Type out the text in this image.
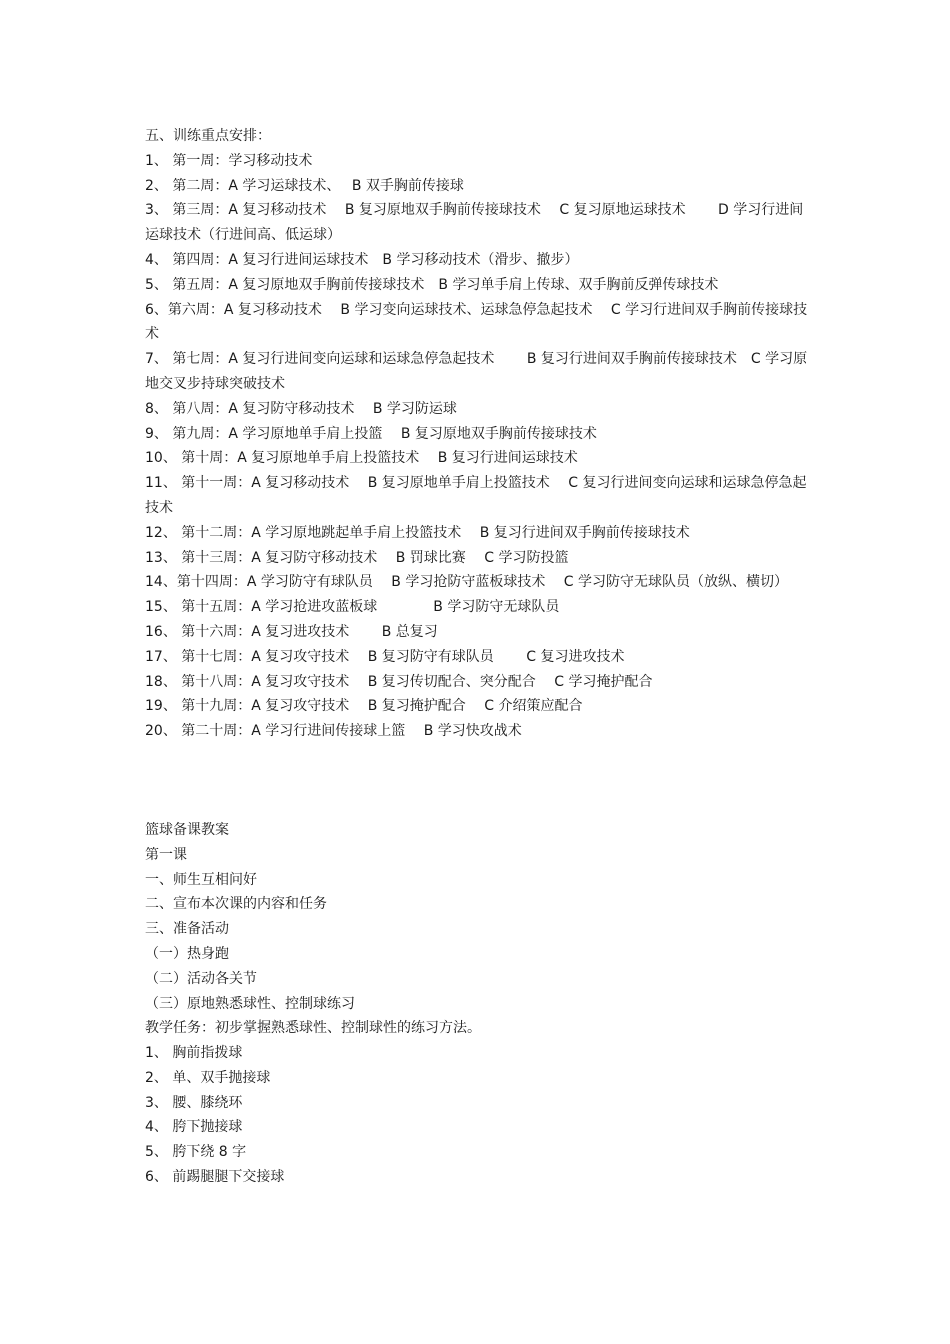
五、训练重点安排：

1、 第一周：学习移动技术

2、 第二周：A 学习运球技术、　 B 双手胸前传接球

3、 第三周：A 复习移动技术　 B 复习原地双手胸前传接球技术　 C 复习原地运球技术　　 D 学习行进间运球技术（行进间高、低运球）

4、 第四周：A 复习行进间运球技术　B 学习移动技术（滑步、撤步）

5、 第五周：A 复习原地双手胸前传接球技术　B 学习单手肩上传球、双手胸前反弹传球技术

6、第六周：A 复习移动技术　 B 学习变向运球技术、运球急停急起技术　 C 学习行进间双手胸前传接球技术

7、 第七周：A 复习行进间变向运球和运球急停急起技术　　 B 复习行进间双手胸前传接球技术　C 学习原地交叉步持球突破技术

8、 第八周：A 复习防守移动技术　 B 学习防运球

9、 第九周：A 学习原地单手肩上投篮　 B 复习原地双手胸前传接球技术

10、 第十周：A 复习原地单手肩上投篮技术　 B 复习行进间运球技术

11、 第十一周：A 复习移动技术　 B 复习原地单手肩上投篮技术　 C 复习行进间变向运球和运球急停急起技术

12、 第十二周：A 学习原地跳起单手肩上投篮技术　 B 复习行进间双手胸前传接球技术

13、 第十三周：A 复习防守移动技术　 B 罚球比赛　 C 学习防投篮

14、第十四周：A 学习防守有球队员　 B 学习抢防守蓝板球技术　 C 学习防守无球队员（放纵、横切）

15、 第十五周：A 学习抢进攻蓝板球　　　　B 学习防守无球队员

16、 第十六周：A 复习进攻技术　　 B 总复习

17、 第十七周：A 复习攻守技术　 B 复习防守有球队员　　 C 复习进攻技术

18、 第十八周：A 复习攻守技术　 B 复习传切配合、突分配合　 C 学习掩护配合

19、 第十九周：A 复习攻守技术　 B 复习掩护配合　 C 介绍策应配合

20、 第二十周：A 学习行进间传接球上篮　 B 学习快攻战术

篮球备课教案

第一课

一、师生互相问好

二、宣布本次课的内容和任务

三、准备活动

（一）热身跑

（二）活动各关节

（三）原地熟悉球性、控制球练习

教学任务：初步掌握熟悉球性、控制球性的练习方法。

1、 胸前指拨球

2、 单、双手抛接球

3、 腰、膝绕环

4、 胯下抛接球

5、 胯下绕 8 字

6、 前踢腿腿下交接球
